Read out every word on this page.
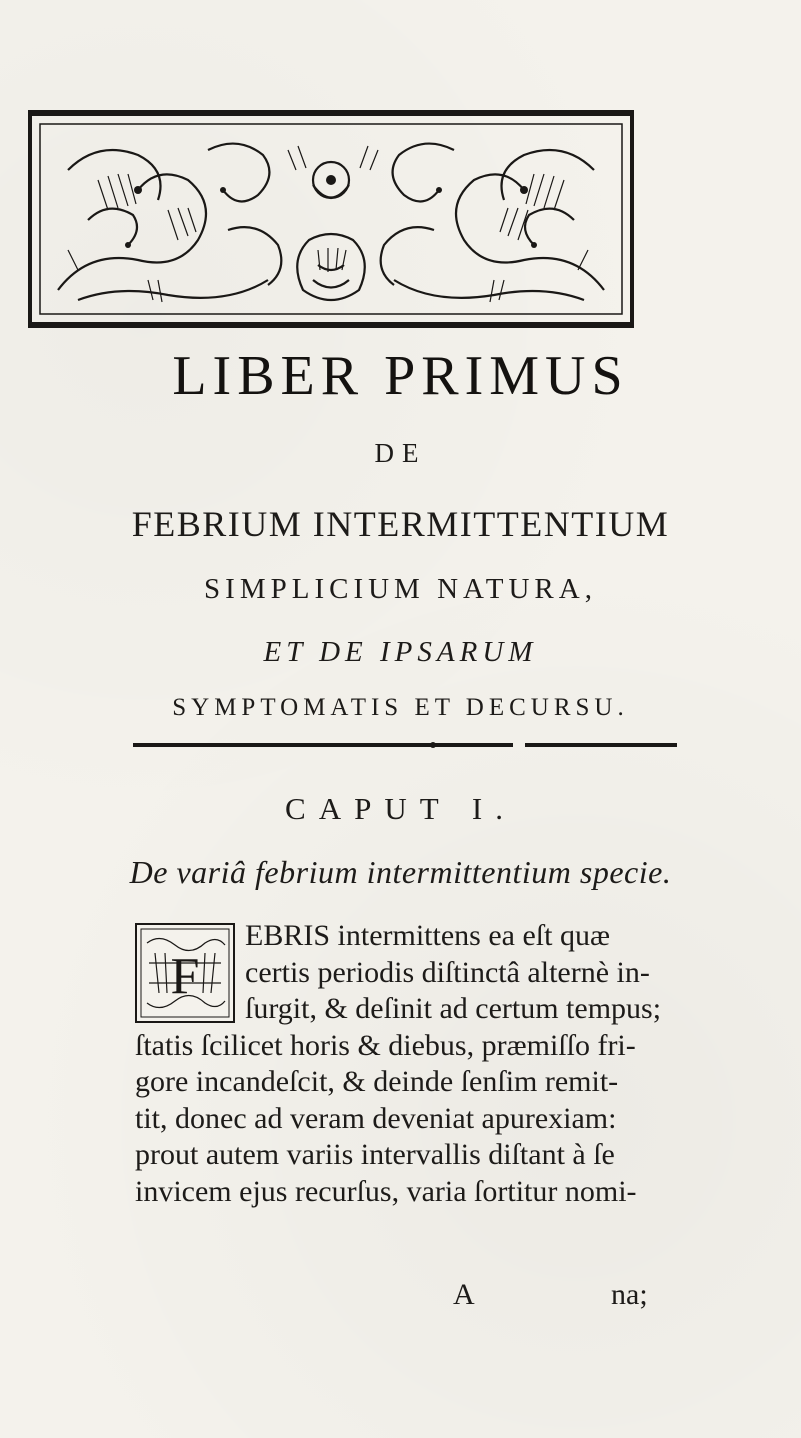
LIBER PRIMUS
DE
FEBRIUM INTERMITTENTIUM
SIMPLICIUM NATURA,
ET DE IPSARUM
SYMPTOMATIS ET DECURSU.
CAPUT I.
De variâ febrium intermittentium specie.
F
EBRIS intermittens ea eſt quæ
certis periodis diſtinctâ alternè in-
ſurgit, & deſinit ad certum tempus;
ſtatis ſcilicet horis & diebus, præmiſſo fri-
gore incandeſcit, & deinde ſenſim remit-
tit, donec ad veram deveniat apurexiam:
prout autem variis intervallis diſtant à ſe
invicem ejus recurſus, varia ſortitur nomi-
A	na;
